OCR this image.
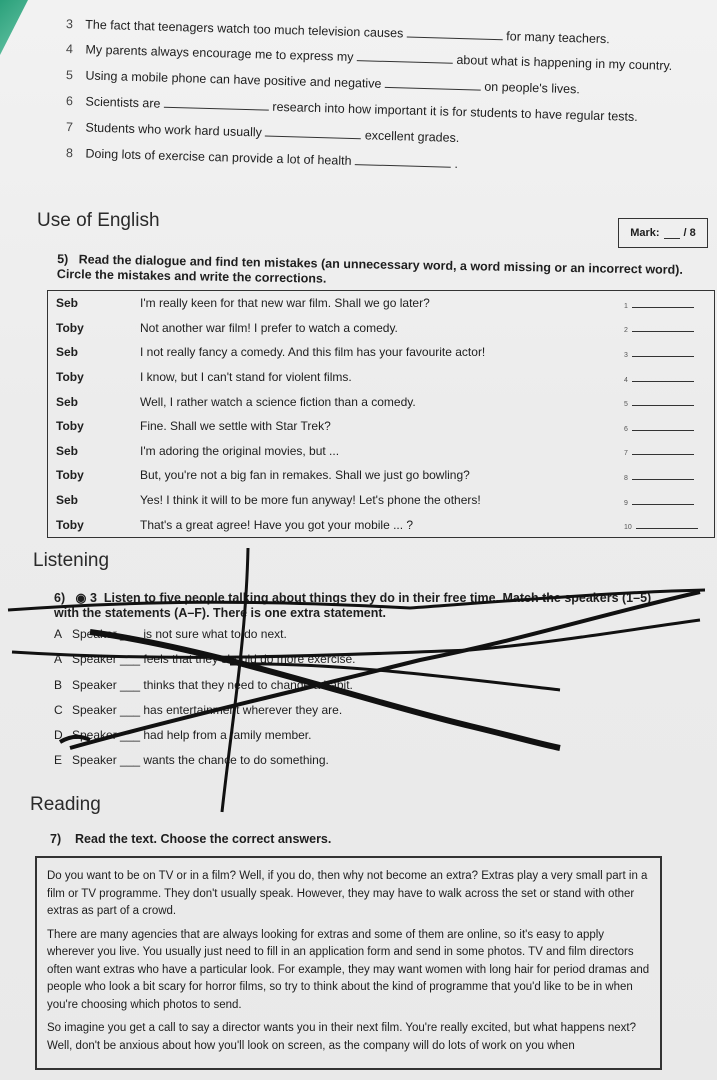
3 The fact that teenagers watch too much television causes	for many teachers.
4 My parents always encourage me to express my	about what is happening in my country.
5 Using a mobile phone can have positive and negative	on people's lives.
6 Scientists are	research into how important it is for students to have regular tests.
7 Students who work hard usually	excellent grades.
8 Doing lots of exercise can provide a lot of health	.
Use of English
Mark: / 8
5) Read the dialogue and find ten mistakes (an unnecessary word, a word missing or an incorrect word). Circle the mistakes and write the corrections.
Seb	I'm really keen for that new war film. Shall we go later?	1
Toby	Not another war film! I prefer to watch a comedy.	2
Seb	I not really fancy a comedy. And this film has your favourite actor!	3
Toby	I know, but I can't stand for violent films.	4
Seb	Well, I rather watch a science fiction than a comedy.	5
Toby	Fine. Shall we settle with Star Trek?	6
Seb	I'm adoring the original movies, but ...	7
Toby	But, you're not a big fan in remakes. Shall we just go bowling?	8
Seb	Yes! I think it will to be more fun anyway! Let's phone the others!	9
Toby	That's a great agree! Have you got your mobile ... ?	10
Listening
6) ◉ 3 Listen to five people talking about things they do in their free time. Match the speakers (1–5)
with the statements (A–F). There is one extra statement.
A Speaker ___ is not sure what to do next.
A Speaker ___ feels that they should do more exercise.
B Speaker ___ thinks that they need to change a habit.
C Speaker ___ has entertainment wherever they are.
D Speaker ___ had help from a family member.
E Speaker ___ wants the chance to do something.
Reading
7) Read the text. Choose the correct answers.

Do you want to be on TV or in a film? Well, if you do, then why not become an extra? Extras play a very small part in a film or TV programme. They don't usually speak. However, they may have to walk across the set or stand with other extras as part of a crowd.

There are many agencies that are always looking for extras and some of them are online, so it's easy to apply wherever you live. You usually just need to fill in an application form and send in some photos. TV and film directors often want extras who have a particular look. For example, they may want women with long hair for period dramas and people who look a bit scary for horror films, so try to think about the kind of programme that you'd like to be in when you're choosing which photos to send.

So imagine you get a call to say a director wants you in their next film. You're really excited, but what happens next? Well, don't be anxious about how you'll look on screen, as the company will do lots of work on you when
